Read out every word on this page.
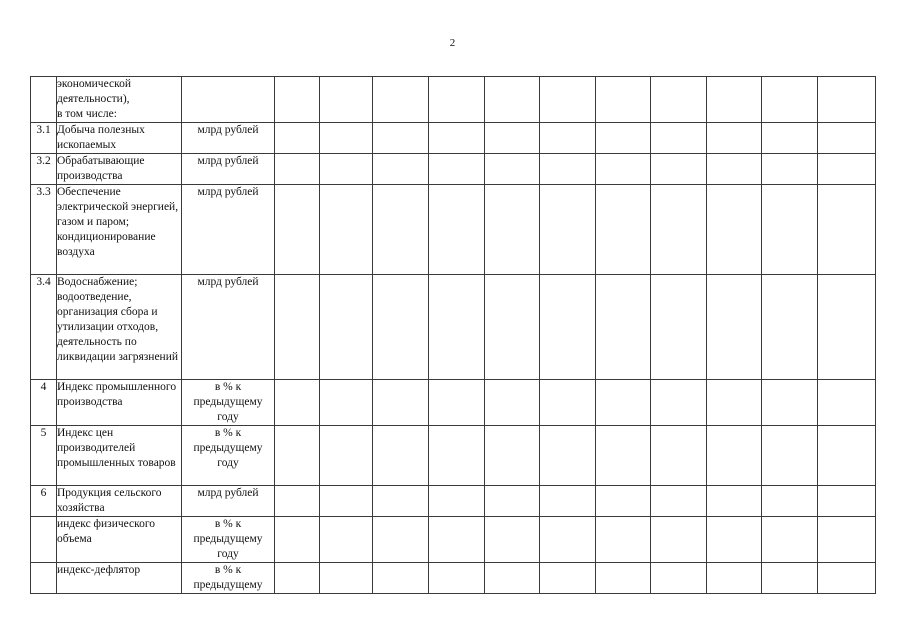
2
	экономической деятельности),
в том числе:													
3.1	Добыча полезных ископаемых	млрд рублей												
3.2	Обрабатывающие производства	млрд рублей												
3.3	Обеспечение электрической энергией, газом и паром; кондиционирование воздуха	млрд рублей												
3.4	Водоснабжение; водоотведение, организация сбора и утилизации отходов, деятельность по ликвидации загрязнений	млрд рублей												
4	Индекс промышленного производства	в % к предыдущему году												
5	Индекс цен производителей промышленных товаров	в % к предыдущему году												
6	Продукция сельского хозяйства	млрд рублей												
	индекс физического объема	в % к предыдущему году												
	индекс-дефлятор	в % к предыдущему												
